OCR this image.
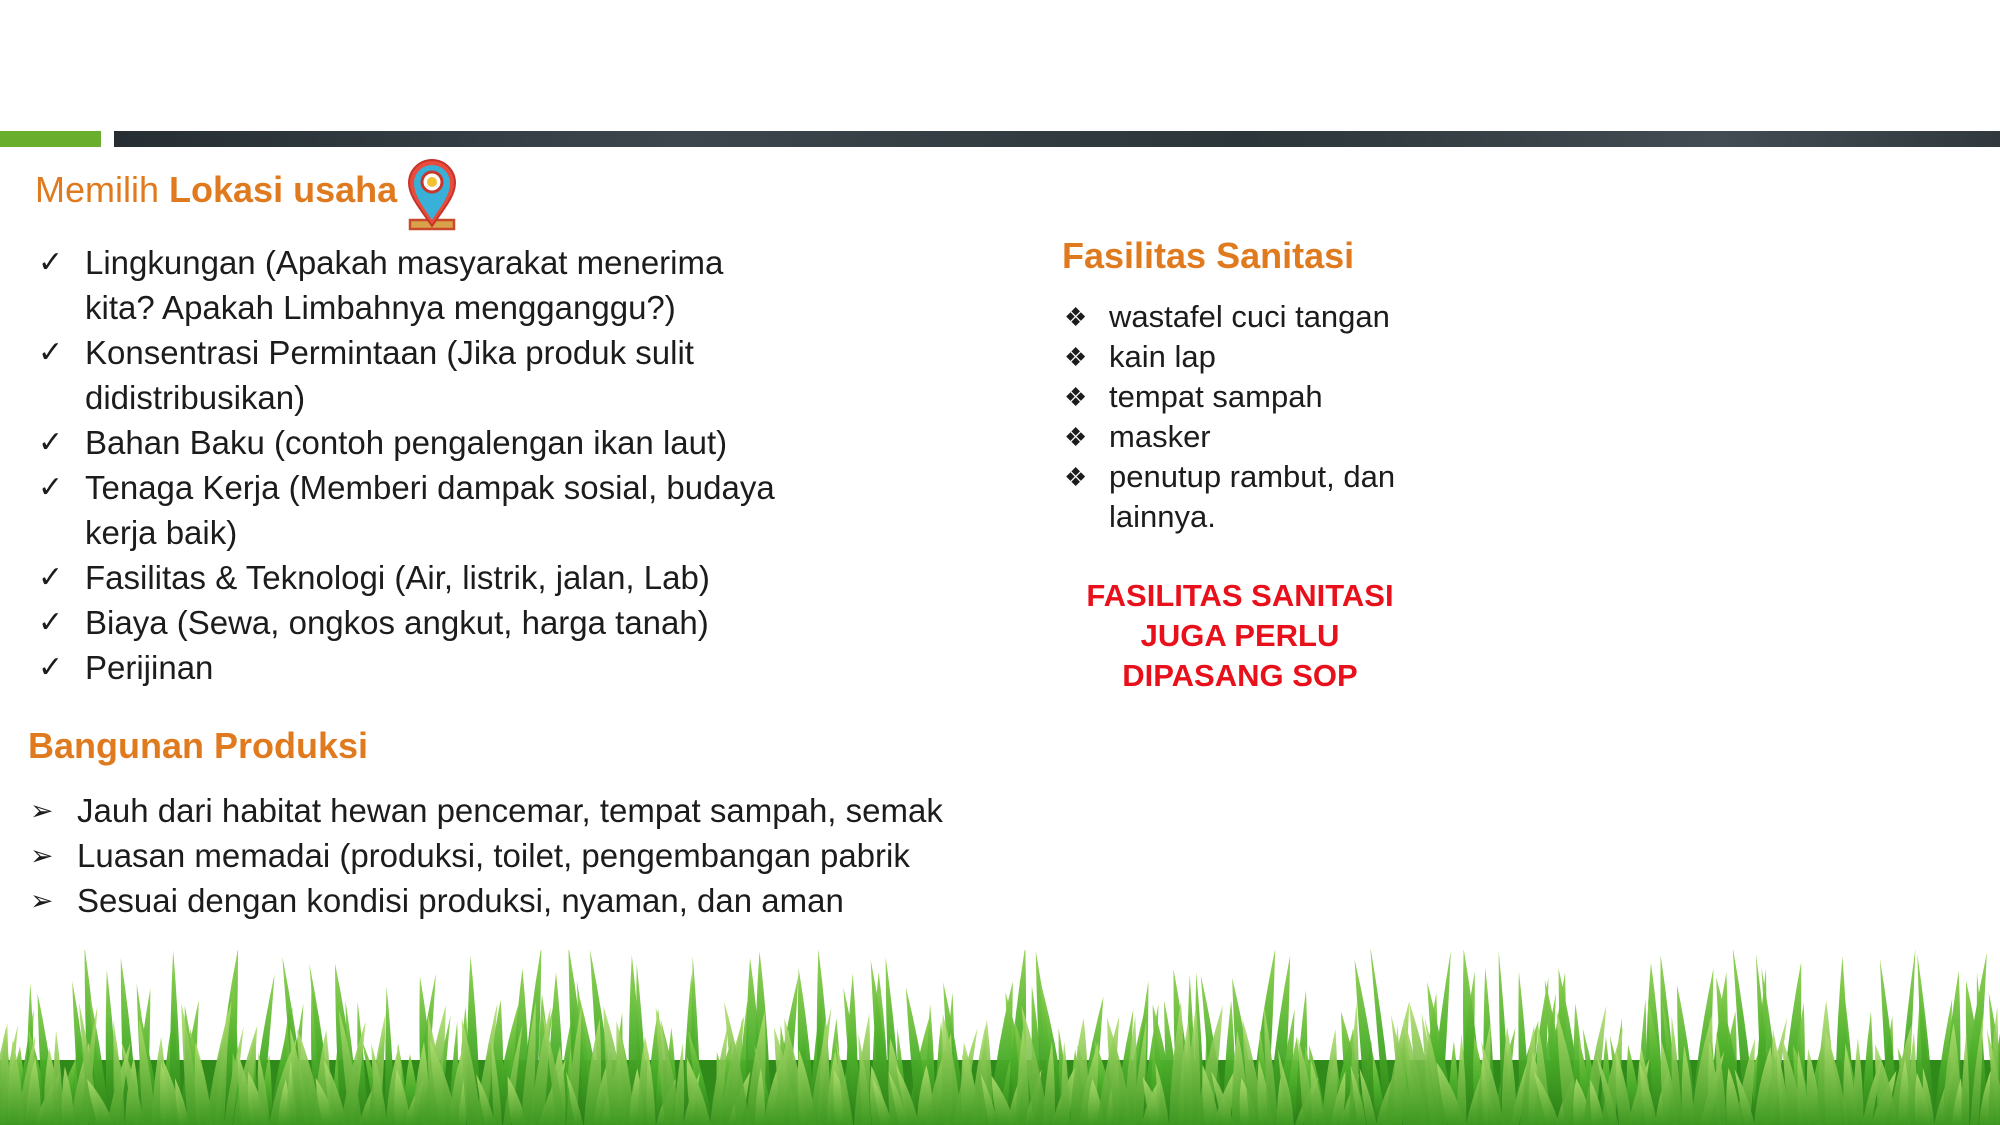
Memilih Lokasi usaha
✓ Lingkungan (Apakah masyarakat menerima kita? Apakah Limbahnya mengganggu?)
✓ Konsentrasi Permintaan (Jika produk sulit didistribusikan)
✓ Bahan Baku (contoh pengalengan ikan laut)
✓ Tenaga Kerja (Memberi dampak sosial, budaya kerja baik)
✓ Fasilitas & Teknologi (Air, listrik, jalan, Lab)
✓ Biaya (Sewa, ongkos angkut, harga tanah)
✓ Perijinan
Bangunan Produksi
➢ Jauh dari habitat hewan pencemar, tempat sampah, semak
➢ Luasan memadai (produksi, toilet, pengembangan pabrik
➢ Sesuai dengan kondisi produksi, nyaman, dan aman
Fasilitas Sanitasi
❖ wastafel cuci tangan
❖ kain lap
❖ tempat sampah
❖ masker
❖ penutup rambut, dan lainnya.
FASILITAS SANITASI
JUGA PERLU
DIPASANG SOP
